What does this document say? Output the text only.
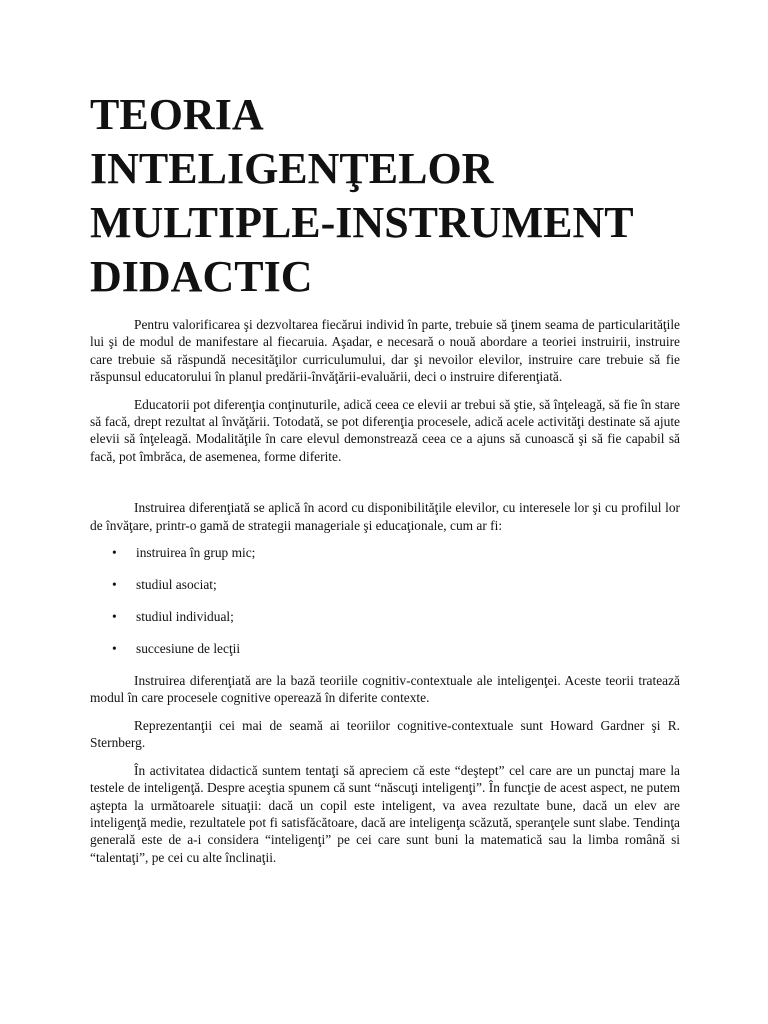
TEORIA
INTELIGENŢELOR
MULTIPLE-INSTRUMENT
DIDACTIC

Pentru valorificarea şi dezvoltarea fiecărui individ în parte, trebuie să ţinem seama de particularităţile lui şi de modul de manifestare al fiecaruia. Aşadar, e necesară o nouă abordare a teoriei instruirii, instruire care trebuie să răspundă necesităţilor curriculumului, dar şi nevoilor elevilor, instruire care trebuie să fie răspunsul educatorului în planul predării-învăţării-evaluării, deci o instruire diferenţiată.

Educatorii pot diferenţia conţinuturile, adică ceea ce elevii ar trebui să ştie, să înţeleagă, să fie în stare să facă, drept rezultat al învăţării. Totodată, se pot diferenţia procesele, adică acele activităţi destinate să ajute elevii să înţeleagă. Modalităţile în care elevul demonstrează ceea ce a ajuns să cunoască şi să fie capabil să facă, pot îmbrăca, de asemenea, forme diferite.

Instruirea diferenţiată se aplică în acord cu disponibilităţile elevilor, cu interesele lor şi cu profilul lor de învăţare, printr-o gamă de strategii manageriale şi educaţionale, cum ar fi:

• instruirea în grup mic;
• studiul asociat;
• studiul individual;
• succesiune de lecţii

Instruirea diferenţiată are la bază teoriile cognitiv-contextuale ale inteligenţei. Aceste teorii tratează modul în care procesele cognitive operează în diferite contexte.

Reprezentanţii cei mai de seamă ai teoriilor cognitive-contextuale sunt Howard Gardner şi R. Sternberg.

În activitatea didactică suntem tentaţi să apreciem că este “deştept” cel care are un punctaj mare la testele de inteligenţă. Despre aceştia spunem că sunt “născuţi inteligenţi”. În funcţie de acest aspect, ne putem aştepta la următoarele situaţii: dacă un copil este inteligent, va avea rezultate bune, dacă un elev are inteligenţă medie, rezultatele pot fi satisfăcătoare, dacă are inteligenţa scăzută, speranţele sunt slabe. Tendinţa generală este de a-i considera “inteligenţi” pe cei care sunt buni la matematică sau la limba română si “talentaţi”, pe cei cu alte înclinaţii.
